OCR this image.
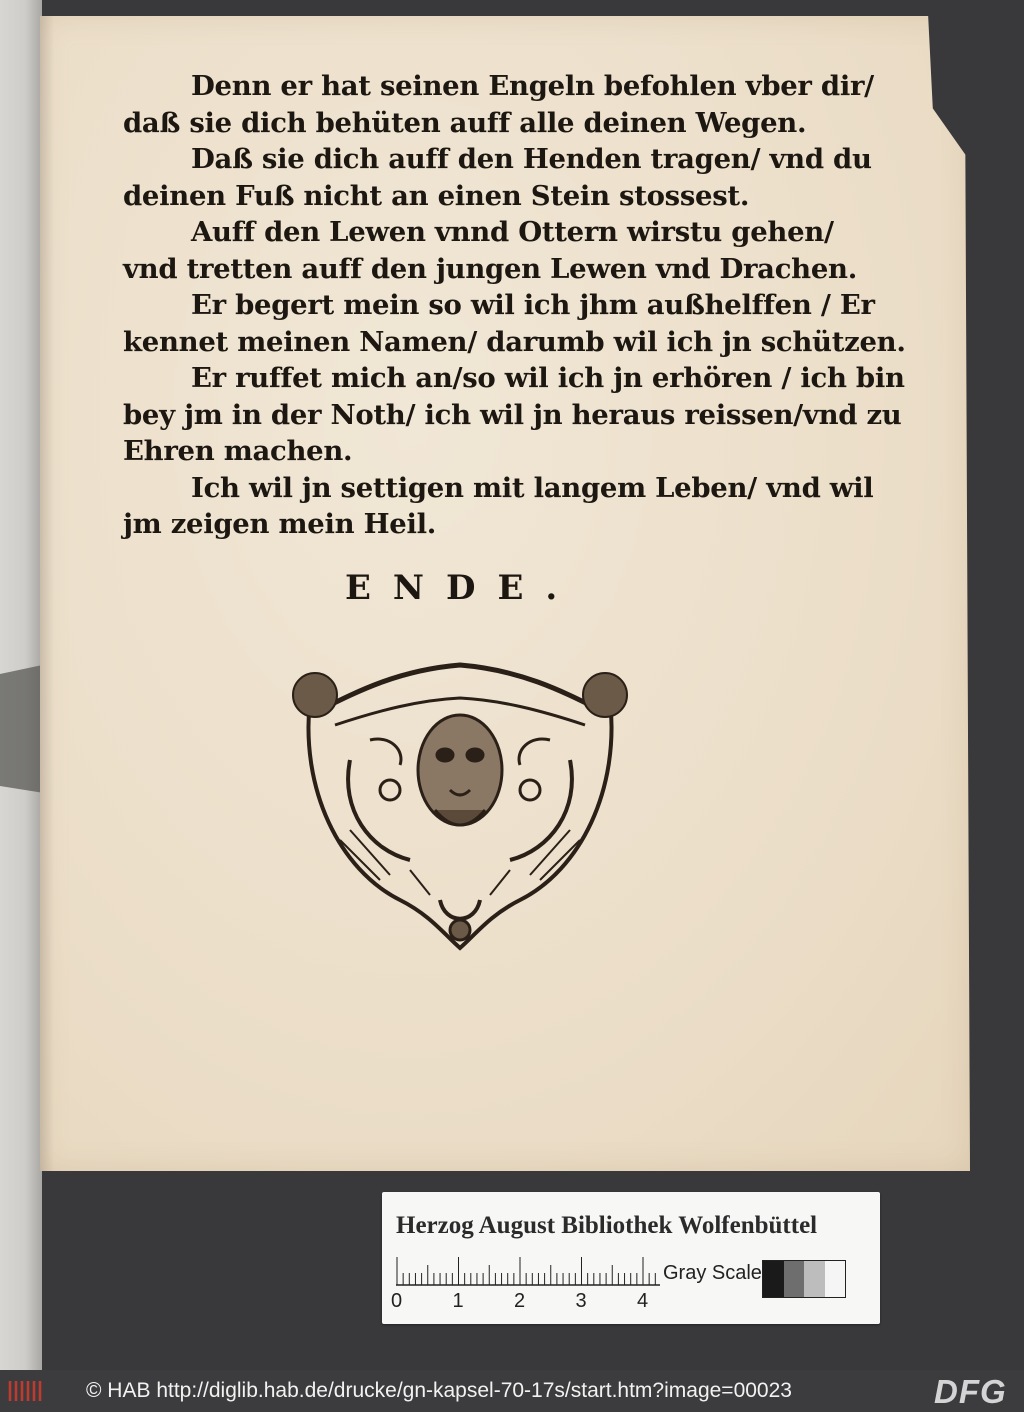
Denn er hat seinen Engeln befohlen vber dir/
daß sie dich behüten auff alle deinen Wegen.
Daß sie dich auff den Henden tragen/ vnd du
deinen Fuß nicht an einen Stein stossest.
Auff den Lewen vnnd Ottern wirstu gehen/
vnd tretten auff den jungen Lewen vnd Drachen.
Er begert mein so wil ich jhm außhelffen / Er
kennet meinen Namen/ darumb wil ich jn schützen.
Er ruffet mich an/so wil ich jn erhören / ich bin
bey jm in der Noth/ ich wil jn heraus reissen/vnd zu
Ehren machen.
Ich wil jn settigen mit langem Leben/ vnd wil
jm zeigen mein Heil.
ENDE.
Herzog August Bibliothek Wolfenbüttel
Gray Scale
0	1	2	3	4
© HAB http://diglib.hab.de/drucke/gn-kapsel-70-17s/start.htm?image=00023	DFG
